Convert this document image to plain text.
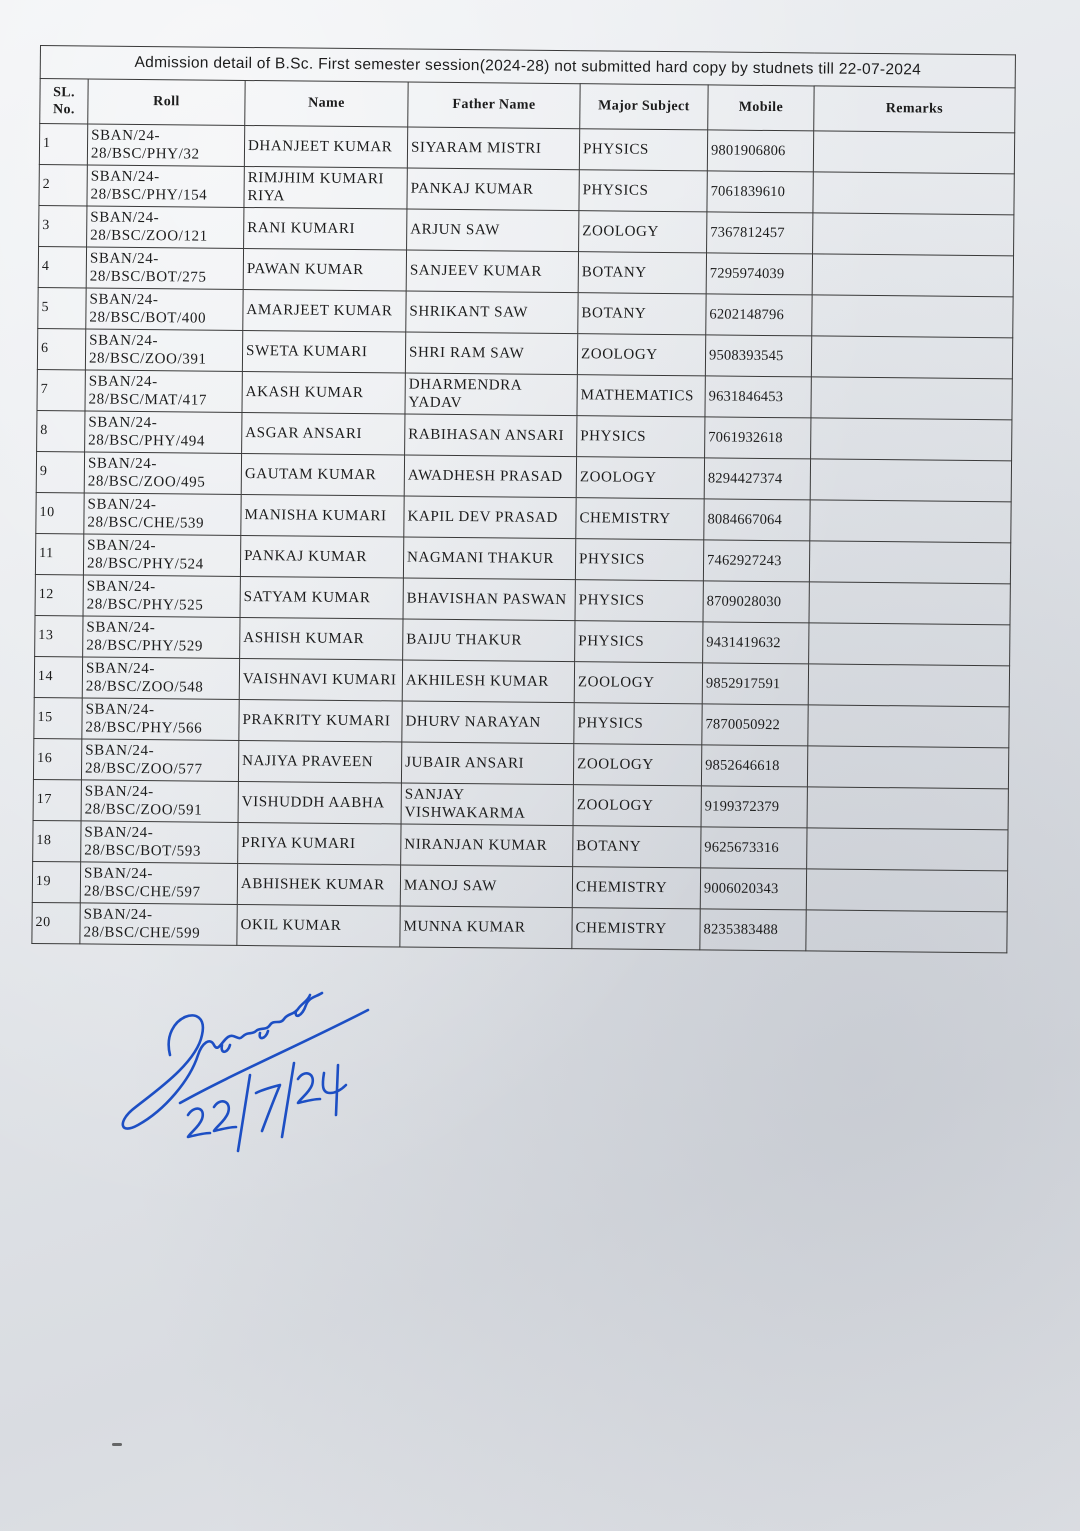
Admission detail of B.Sc. First semester session(2024-28) not submitted hard copy by studnets till 22-07-2024						
SL. No.	Roll	Name	Father Name	Major Subject	Mobile	Remarks
1	SBAN/24-28/BSC/PHY/32	DHANJEET KUMAR	SIYARAM MISTRI	PHYSICS	9801906806	
2	SBAN/24-28/BSC/PHY/154	RIMJHIM KUMARI RIYA	PANKAJ KUMAR	PHYSICS	7061839610	
3	SBAN/24-28/BSC/ZOO/121	RANI KUMARI	ARJUN SAW	ZOOLOGY	7367812457	
4	SBAN/24-28/BSC/BOT/275	PAWAN KUMAR	SANJEEV KUMAR	BOTANY	7295974039	
5	SBAN/24-28/BSC/BOT/400	AMARJEET KUMAR	SHRIKANT SAW	BOTANY	6202148796	
6	SBAN/24-28/BSC/ZOO/391	SWETA KUMARI	SHRI RAM SAW	ZOOLOGY	9508393545	
7	SBAN/24-28/BSC/MAT/417	AKASH KUMAR	DHARMENDRA YADAV	MATHEMATICS	9631846453	
8	SBAN/24-28/BSC/PHY/494	ASGAR ANSARI	RABIHASAN ANSARI	PHYSICS	7061932618	
9	SBAN/24-28/BSC/ZOO/495	GAUTAM KUMAR	AWADHESH PRASAD	ZOOLOGY	8294427374	
10	SBAN/24-28/BSC/CHE/539	MANISHA KUMARI	KAPIL DEV PRASAD	CHEMISTRY	8084667064	
11	SBAN/24-28/BSC/PHY/524	PANKAJ KUMAR	NAGMANI THAKUR	PHYSICS	7462927243	
12	SBAN/24-28/BSC/PHY/525	SATYAM KUMAR	BHAVISHAN PASWAN	PHYSICS	8709028030	
13	SBAN/24-28/BSC/PHY/529	ASHISH KUMAR	BAIJU THAKUR	PHYSICS	9431419632	
14	SBAN/24-28/BSC/ZOO/548	VAISHNAVI KUMARI	AKHILESH KUMAR	ZOOLOGY	9852917591	
15	SBAN/24-28/BSC/PHY/566	PRAKRITY KUMARI	DHURV NARAYAN	PHYSICS	7870050922	
16	SBAN/24-28/BSC/ZOO/577	NAJIYA PRAVEEN	JUBAIR ANSARI	ZOOLOGY	9852646618	
17	SBAN/24-28/BSC/ZOO/591	VISHUDDH AABHA	SANJAY VISHWAKARMA	ZOOLOGY	9199372379	
18	SBAN/24-28/BSC/BOT/593	PRIYA KUMARI	NIRANJAN KUMAR	BOTANY	9625673316	
19	SBAN/24-28/BSC/CHE/597	ABHISHEK KUMAR	MANOJ SAW	CHEMISTRY	9006020343	
20	SBAN/24-28/BSC/CHE/599	OKIL KUMAR	MUNNA KUMAR	CHEMISTRY	8235383488	
